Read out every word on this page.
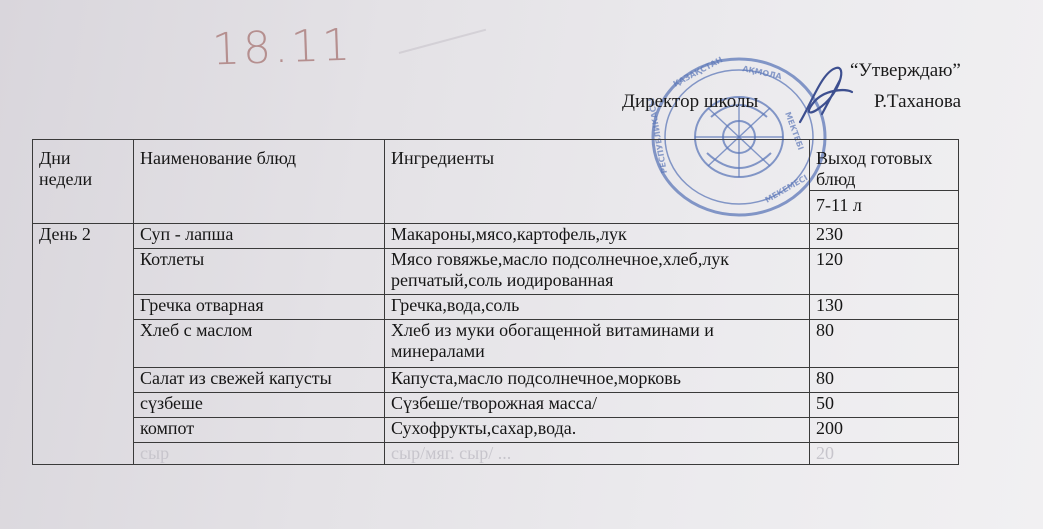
18.11	ҚАЗАҚСТАН АҚМОЛА
МЕКТЕБІ
РЕСПУБЛИКАСЫ
МЕКЕМЕСІ
“Утверждаю”
Директор школы	Р.Таханова
Дни недели	Наименование блюд	Ингредиенты	Выход готовых блюд
			7-11 л
День 2	Суп - лапша	Макароны,мясо,картофель,лук	230
	Котлеты	Мясо говяжье,масло подсолнечное,хлеб,лук репчатый,соль иодированная	120
	Гречка отварная	Гречка,вода,соль	130
	Хлеб с маслом	Хлеб из муки обогащенной витаминами и минералами	80
	Салат из свежей капусты	Капуста,масло подсолнечное,морковь	80
	сүзбеше	Сүзбеше/творожная масса/	50
	компот	Сухофрукты,сахар,вода.	200
	сыр	сыр/мяг. сыр/ ...	20
